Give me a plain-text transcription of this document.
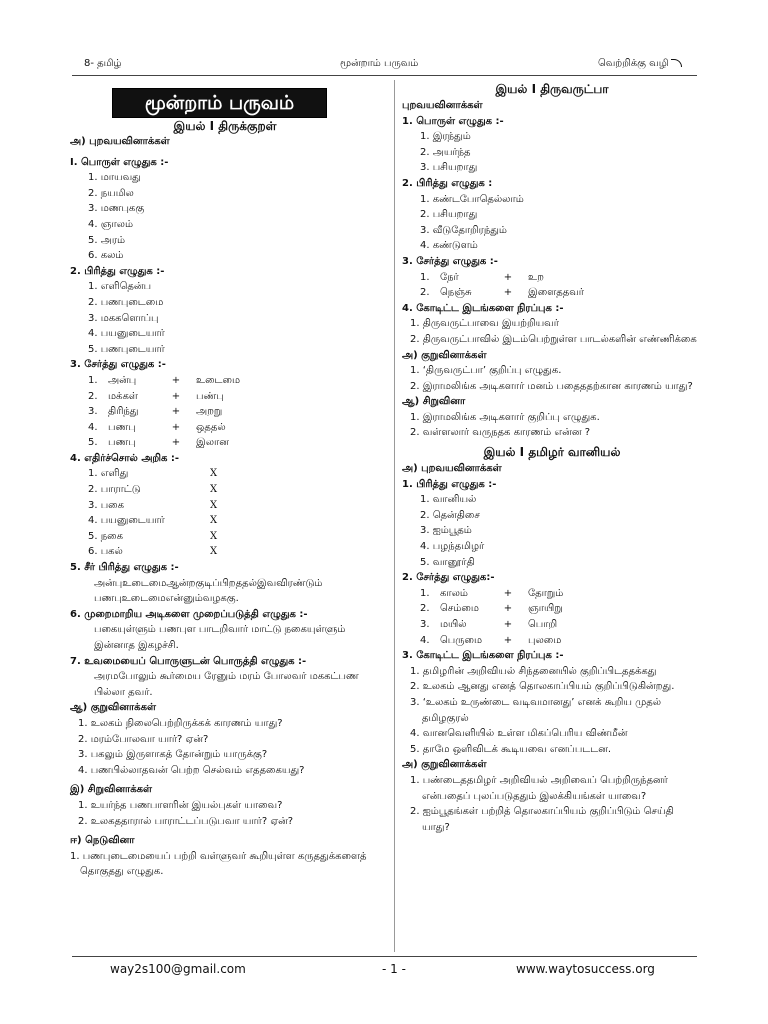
8- தமிழ்	மூன்றாம் பருவம்	வெற்றிக்கு வழி
மூன்றாம் பருவம்
இயல் I திருக்குறள்
அ) புறவயவினாக்கள்
I. பொருள் எழுதுக :-
1. மாயவது
2. நயமில
3. மணபுககு
4. ஞாலம்
5. அரம்
6. கலம்
2. பிரித்து எழுதுக :-
1. எளிதென்ப
2. பணபுடைமை
3. மககளொப்பு
4. பயனுடையார்
5. பணபுடையார்
3. சேர்த்து எழுதுக :-
1. அன்பு	+ உடைமை
2. மக்கள்	+ பண்பு
3. திரிந்து	+ அறறு
4. பணபு	+ ஒததல்
5. பணபு	+ இலான
4. எதிர்ச்சொல் அறிக :-
1. எளிது	X
2. பாராட்டு	X
3. பகை	X
4. பயனுடையார்	X
5. நகை	X
6. பகல்	X
5. சீர் பிரித்து எழுதுக :-
அன்புஉடைமைஆன்றகுடிப்பிறததல்இவவிரண்டும் பணபுஉடைமைஎன்னும்வழககு.
6. முறைமாறிய அடிகளை முறைப்படுத்தி எழுதுக :-
பகையுள்ளும் பணபுள பாடறிவார் மாட்டு நகையுள்ளும் இன்னாத இகழச்சி.
7. உவமையைப் பொருளுடன் பொருத்தி எழுதுக :-
அரமபோலும் கூர்மைய ரேனும் மரம் போலவர் மககட்பண பில்லா தவர்.
ஆ) குறுவினாக்கள்
1. உலகம் நிலைபெற்றிருக்கக் காரணம் யாது?
2. மரம்போலவா யார்? ஏன்?
3. பகலும் இருளாகத் தோன்றும் யாருக்கு?
4. பணபில்லாதவன் பெற்ற செல்வம் எததகையது?
இ) சிறுவினாக்கள்
1. உயர்ந்த பணபாளரின் இயல்புகள் யாவை?
2. உலகததாரால் பாராட்டப்படுபவா யார்? ஏன்?
ஈ) நெடுவினா
1. பணபுடைமையைப் பற்றி வள்ளுவர் கூறியுள்ள கருததுக்களைத் தொகுதது எழுதுக.
இயல் I திருவருட்பா
புறவயவினாக்கள்
1. பொருள் எழுதுக :-
1. இரந்தும்
2. அயர்ந்த
3. பசியறாது
2. பிரித்து எழுதுக :
1. கண்டபோதெல்லாம்
2. பசியறாது
3. வீடுதோறிரந்தும்
4. கண்டுளம்
3. சேர்த்து எழுதுக :-
1. நேர்	+ உற
2. நெஞ்சு	+ இளைததவர்
4. கோடிட்ட இடங்களை நிரப்புக :-
1. திருவருட்பாவை இயற்றியவர்
2. திருவருட்பாவில் இடம்பெற்றுள்ள பாடல்களின் எண்ணிக்கை
அ) குறுவினாக்கள்
1. ‘திருவருட்பா’ குறிப்பு எழுதுக.
2. இராமலிங்க அடிகளார் மனம் பதைததற்கான காரணம் யாது?
ஆ) சிறுவினா
1. இராமலிங்க அடிகளார் குறிப்பு எழுதுக.
2. வள்ளலார் வருநதக காரணம் என்ன ?
இயல் I தமிழர் வானியல்
அ) புறவயவினாக்கள்
1. பிரித்து எழுதுக :-
1. வானியல்
2. தென்திசை
3. ஐம்பூதம்
4. பழந்தமிழர்
5. வானூர்தி
2. சேர்த்து எழுதுக:-
1. காலம்	+ தோறும்
2. செம்மை + ஞாயிறு
3. மயில்	+ பொறி
4. பெருமை + புலமை
3. கோடிட்ட இடங்களை நிரப்புக :-
1. தமிழரின் அறிவியல் சிந்தனையில் குறிப்பிடததக்கது
2. உலகம் ஆனது எனத் தொலகாப்பியம் குறிப்பிடுகின்றது.
3. ‘உலகம் உருண்டை வடிவமானது’ எனக் கூறிய முதல் தமிழகுரல்
4. வானவெளியில் உள்ள மிகப்பெரிய விண்மீன்
5. தாமே ஒளிவிடக் கூடியவை எனப்படடன.
அ) குறுவினாக்கள்
1. பண்டைததமிழர் அறிவியல் அறிவைப் பெற்றிருந்தனர் என்பதைப் புலப்படுததும் இலக்கியங்கள் யாவை?
2. ஐம்பூதங்கள் பற்றித் தொலகாப்பியம் குறிப்பிடும் செய்தி யாது?
way2s100@gmail.com	- 1 -	www.waytosuccess.org
